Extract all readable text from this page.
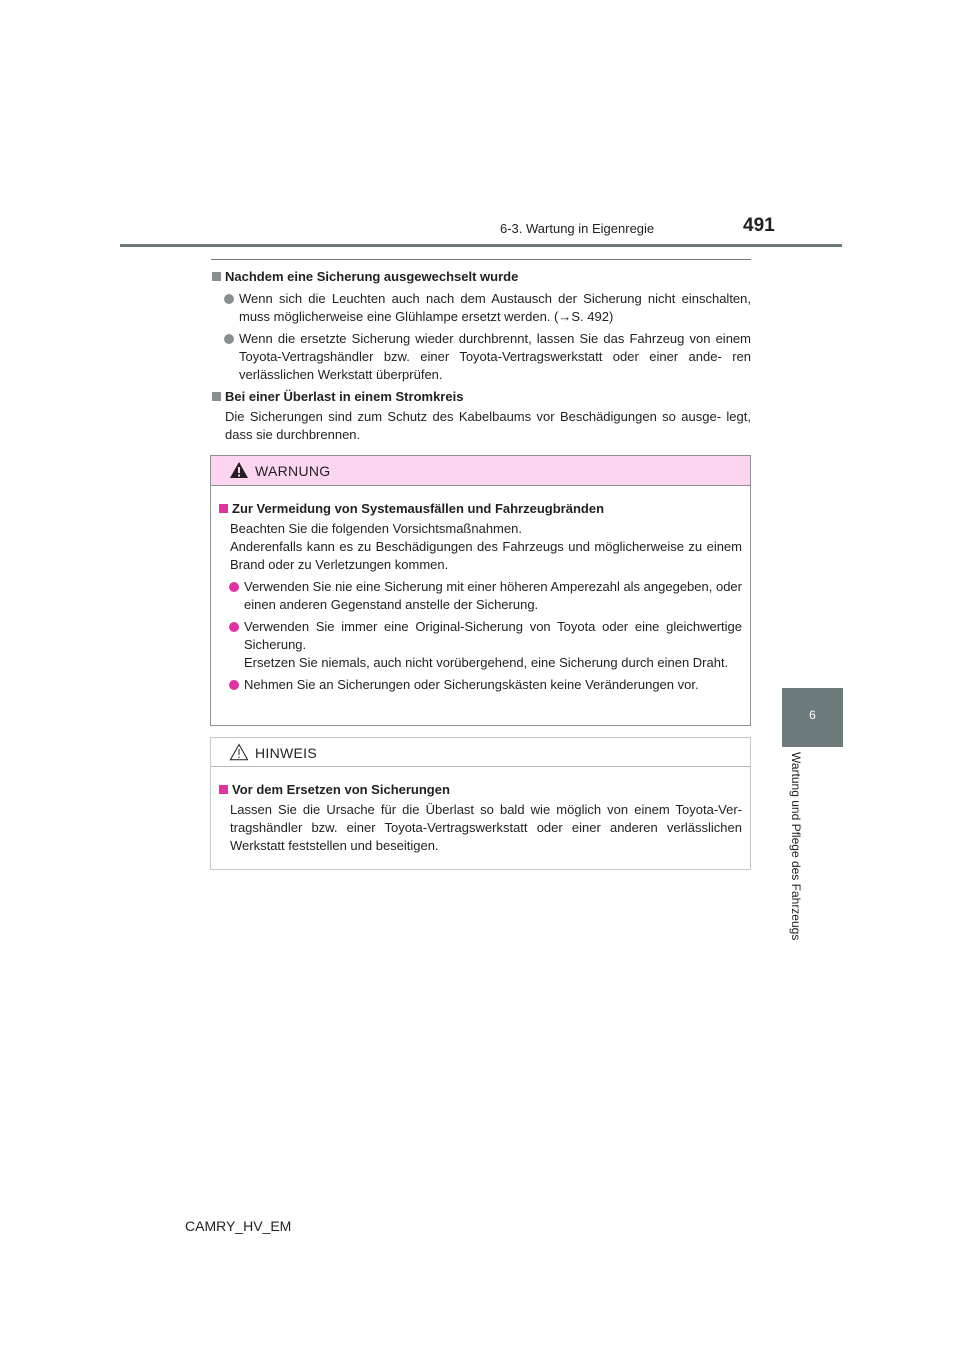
6-3. Wartung in Eigenregie	491
6
Wartung und Pflege des Fahrzeugs
Nachdem eine Sicherung ausgewechselt wurde
Wenn sich die Leuchten auch nach dem Austausch der Sicherung nicht einschalten, muss möglicherweise eine Glühlampe ersetzt werden. (→S. 492)
Wenn die ersetzte Sicherung wieder durchbrennt, lassen Sie das Fahrzeug von einem Toyota-Vertragshändler bzw. einer Toyota-Vertragswerkstatt oder einer ande- ren verlässlichen Werkstatt überprüfen.
Bei einer Überlast in einem Stromkreis
Die Sicherungen sind zum Schutz des Kabelbaums vor Beschädigungen so ausge- legt, dass sie durchbrennen.
WARNUNG
Zur Vermeidung von Systemausfällen und Fahrzeugbränden
Beachten Sie die folgenden Vorsichtsmaßnahmen.
Anderenfalls kann es zu Beschädigungen des Fahrzeugs und möglicherweise zu einem Brand oder zu Verletzungen kommen.
Verwenden Sie nie eine Sicherung mit einer höheren Amperezahl als angegeben, oder einen anderen Gegenstand anstelle der Sicherung.
Verwenden Sie immer eine Original-Sicherung von Toyota oder eine gleichwertige Sicherung.
Ersetzen Sie niemals, auch nicht vorübergehend, eine Sicherung durch einen Draht.
Nehmen Sie an Sicherungen oder Sicherungskästen keine Veränderungen vor.
HINWEIS
Vor dem Ersetzen von Sicherungen
Lassen Sie die Ursache für die Überlast so bald wie möglich von einem Toyota-Ver- tragshändler bzw. einer Toyota-Vertragswerkstatt oder einer anderen verlässlichen Werkstatt feststellen und beseitigen.
CAMRY_HV_EM
